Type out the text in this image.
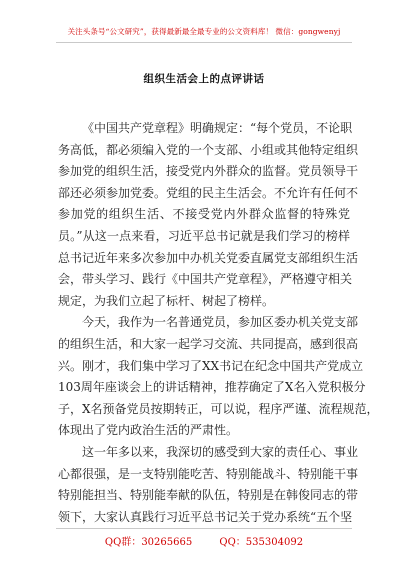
关注头条号“公文研究”，获得最新最全最专业的公文资料库！ 微信：gongwenyj
组织生活会上的点评讲话
《中国共产党章程》明确规定：“每个党员，不论职
务高低，都必须编入党的一个支部、小组或其他特定组织
参加党的组织生活，接受党内外群众的监督。党员领导干
部还必须参加党委。党组的民主生活会。不允许有任何不
参加党的组织生活、不接受党内外群众监督的特殊党
员。”从这一点来看，习近平总书记就是我们学习的榜样
总书记近年来多次参加中办机关党委直属党支部组织生活
会，带头学习、践行《中国共产党章程》，严格遵守相关
规定，为我们立起了标杆、树起了榜样。
今天，我作为一名普通党员，参加区委办机关党支部
的组织生活，和大家一起学习交流、共同提高，感到很高
兴。刚才，我们集中学习了XX书记在纪念中国共产党成立
103周年座谈会上的讲话精神，推荐确定了X名入党积极分
子，X名预备党员按期转正，可以说，程序严谨、流程规范，
体现出了党内政治生活的严肃性。
这一年多以来，我深切的感受到大家的责任心、事业
心都很强，是一支特别能吃苦、特别能战斗、特别能干事
特别能担当、特别能奉献的队伍，特别是在韩俊同志的带
领下，大家认真践行习近平总书记关于党办系统“五个坚
QQ群：30265665	QQ：535304092
